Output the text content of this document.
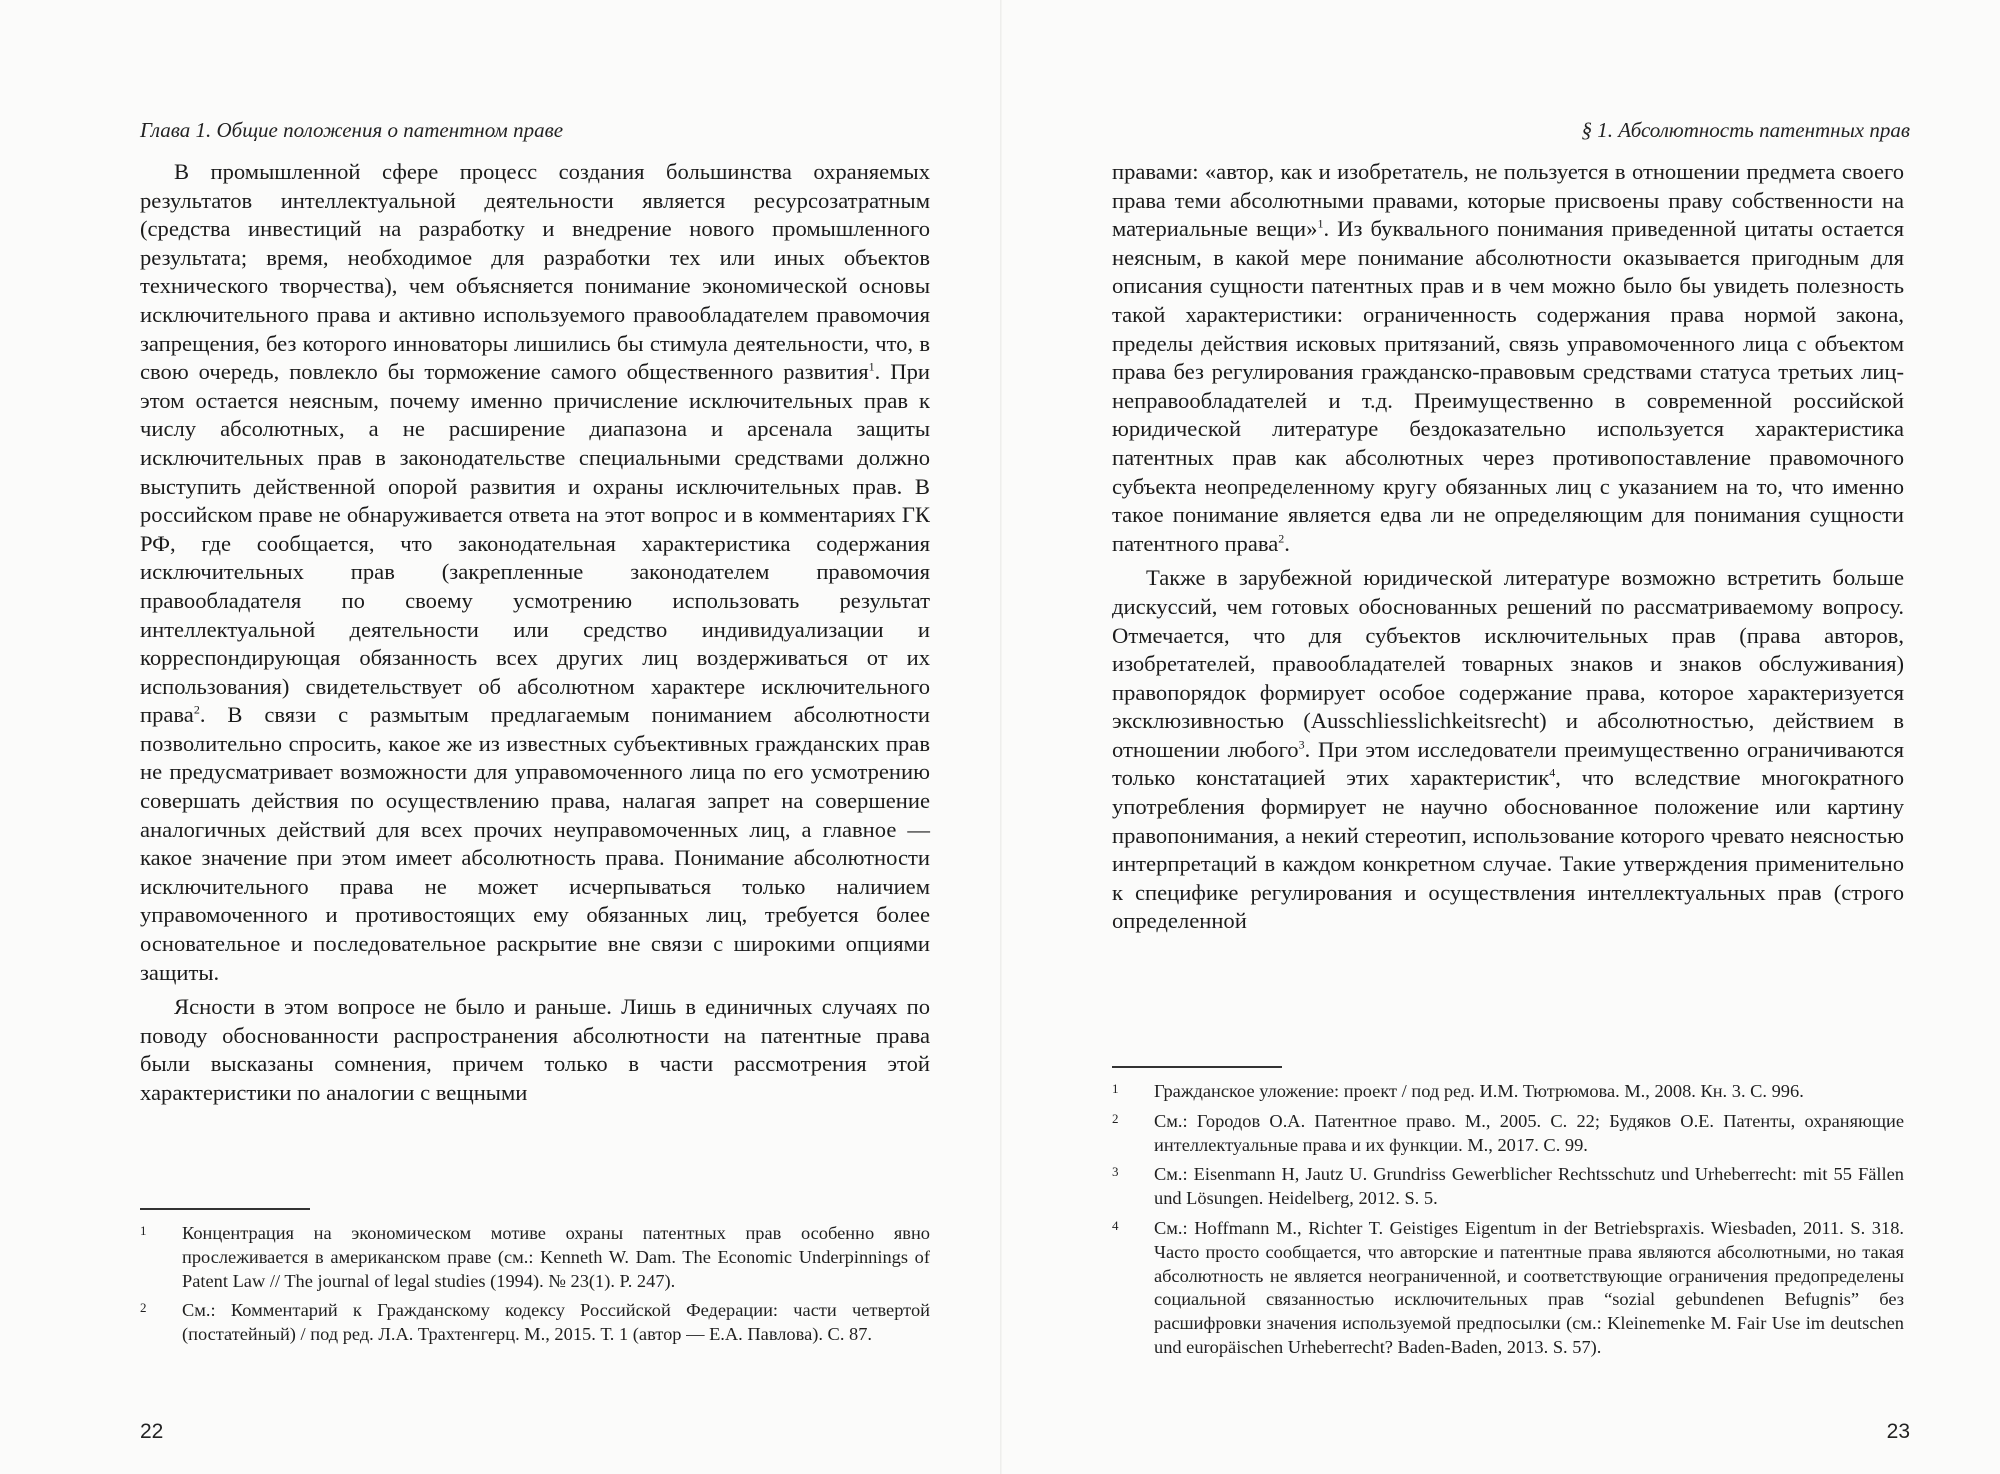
Глава 1. Общие положения о патентном праве

В промышленной сфере процесс создания большинства охраняемых результатов интеллектуальной деятельности является ресурсозатратным (средства инвестиций на разработку и внедрение нового промышленного результата; время, необходимое для разработки тех или иных объектов технического творчества), чем объясняется понимание экономической основы исключительного права и активно используемого правообладателем правомочия запрещения, без которого инноваторы лишились бы стимула деятельности, что, в свою очередь, повлекло бы торможение самого общественного развития$^1$. При этом остается неясным, почему именно причисление исключительных прав к числу абсолютных, а не расширение диапазона и арсенала защиты исключительных прав в законодательстве специальными средствами должно выступить действенной опорой развития и охраны исключительных прав. В российском праве не обнаруживается ответа на этот вопрос и в комментариях ГК РФ, где сообщается, что законодательная характеристика содержания исключительных прав (закрепленные законодателем правомочия правообладателя по своему усмотрению использовать результат интеллектуальной деятельности или средство индивидуализации и корреспондирующая обязанность всех других лиц воздерживаться от их использования) свидетельствует об абсолютном характере исключительного права$^2$. В связи с размытым предлагаемым пониманием абсолютности позволительно спросить, какое же из известных субъективных гражданских прав не предусматривает возможности для управомоченного лица по его усмотрению совершать действия по осуществлению права, налагая запрет на совершение аналогичных действий для всех прочих неуправомоченных лиц, а главное — какое значение при этом имеет абсолютность права. Понимание абсолютности исключительного права не может исчерпываться только наличием управомоченного и противостоящих ему обязанных лиц, требуется более основательное и последовательное раскрытие вне связи с широкими опциями защиты.

Ясности в этом вопросе не было и раньше. Лишь в единичных случаях по поводу обоснованности распространения абсолютности на патентные права были высказаны сомнения, причем только в части рассмотрения этой характеристики по аналогии с вещными

1	Концентрация на экономическом мотиве охраны патентных прав особенно явно прослеживается в американском праве (см.: Kenneth W. Dam. The Economic Underpinnings of Patent Law // The journal of legal studies (1994). № 23(1). P. 247).
2	См.: Комментарий к Гражданскому кодексу Российской Федерации: части четвертой (постатейный) / под ред. Л.А. Трахтенгерц. М., 2015. Т. 1 (автор — Е.А. Павлова). С. 87.
22
§ 1. Абсолютность патентных прав

правами: «автор, как и изобретатель, не пользуется в отношении предмета своего права теми абсолютными правами, которые присвоены праву собственности на материальные вещи»$^1$. Из буквального понимания приведенной цитаты остается неясным, в какой мере понимание абсолютности оказывается пригодным для описания сущности патентных прав и в чем можно было бы увидеть полезность такой характеристики: ограниченность содержания права нормой закона, пределы действия исковых притязаний, связь управомоченного лица с объектом права без регулирования гражданско-правовым средствами статуса третьих лиц-неправообладателей и т.д. Преимущественно в современной российской юридической литературе бездоказательно используется характеристика патентных прав как абсолютных через противопоставление правомочного субъекта неопределенному кругу обязанных лиц с указанием на то, что именно такое понимание является едва ли не определяющим для понимания сущности патентного права$^2$.

Также в зарубежной юридической литературе возможно встретить больше дискуссий, чем готовых обоснованных решений по рассматриваемому вопросу. Отмечается, что для субъектов исключительных прав (права авторов, изобретателей, правообладателей товарных знаков и знаков обслуживания) правопорядок формирует особое содержание права, которое характеризуется эксклюзивностью (Ausschliesslichkeitsrecht) и абсолютностью, действием в отношении любого$^3$. При этом исследователи преимущественно ограничиваются только констатацией этих характеристик$^4$, что вследствие многократного употребления формирует не научно обоснованное положение или картину правопонимания, а некий стереотип, использование которого чревато неясностью интерпретаций в каждом конкретном случае. Такие утверждения применительно к специфике регулирования и осуществления интеллектуальных прав (строго определенной

1	Гражданское уложение: проект / под ред. И.М. Тютрюмова. М., 2008. Кн. 3. С. 996.
2	См.: Городов О.А. Патентное право. М., 2005. С. 22; Будяков О.Е. Патенты, охраняющие интеллектуальные права и их функции. М., 2017. С. 99.
3	См.: Eisenmann H, Jautz U. Grundriss Gewerblicher Rechtsschutz und Urheberrecht: mit 55 Fällen und Lösungen. Heidelberg, 2012. S. 5.
4	См.: Hoffmann M., Richter T. Geistiges Eigentum in der Betriebspraxis. Wiesbaden, 2011. S. 318. Часто просто сообщается, что авторские и патентные права являются абсолютными, но такая абсолютность не является неограниченной, и соответствующие ограничения предопределены социальной связанностью исключительных прав “sozial gebundenen Befugnis” без расшифровки значения используемой предпосылки (см.: Kleinemenke M. Fair Use im deutschen und europäischen Urheberrecht? Baden-Baden, 2013. S. 57).
23
